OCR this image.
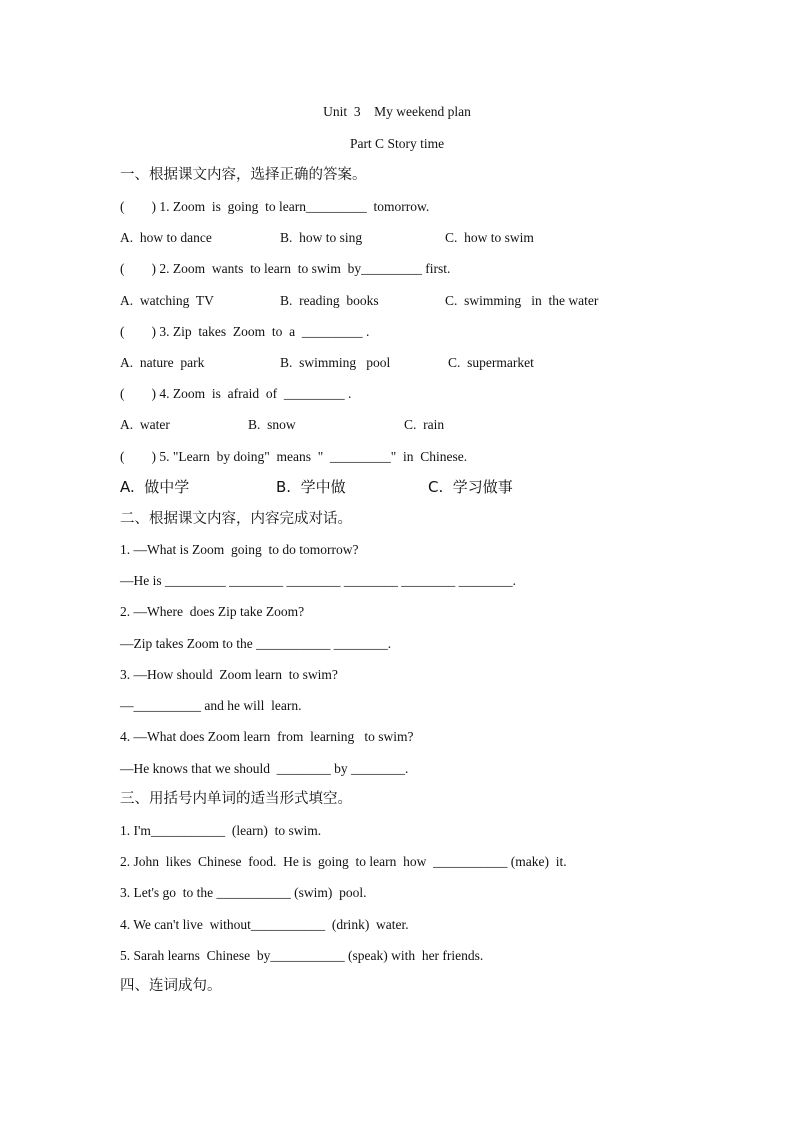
Unit  3    My weekend plan
Part C Story time
一、根据课文内容，选择正确的答案。
(        ) 1. Zoom  is  going  to learn_________  tomorrow.
A.  how to dance	B.  how to sing	C.  how to swim
(        ) 2. Zoom  wants  to learn  to swim  by_________ first.
A.  watching  TV	B.  reading  books	C.  swimming   in  the water
(        ) 3. Zip  takes  Zoom  to  a  _________ .
A.  nature  park	B.  swimming   pool	C.  supermarket
(        ) 4. Zoom  is  afraid  of  _________ .
A.  water	B.  snow	C.  rain
(        ) 5. "Learn  by doing"  means  "  _________"  in  Chinese.
A.  做中学	B.  学中做	C.  学习做事
二、根据课文内容，内容完成对话。
1. —What is Zoom  going  to do tomorrow?
—He is _________ ________ ________ ________ ________ ________.
2. —Where  does Zip take Zoom?
—Zip takes Zoom to the ___________ ________.
3. —How should  Zoom learn  to swim?
—__________ and he will  learn.
4. —What does Zoom learn  from  learning   to swim?
—He knows that we should  ________ by ________.
三、用括号内单词的适当形式填空。
1. I'm___________  (learn)  to swim.
2. John  likes  Chinese  food.  He is  going  to learn  how  ___________ (make)  it.
3. Let's go  to the ___________ (swim)  pool.
4. We can't live  without___________  (drink)  water.
5. Sarah learns  Chinese  by___________ (speak) with  her friends.
四、连词成句。
